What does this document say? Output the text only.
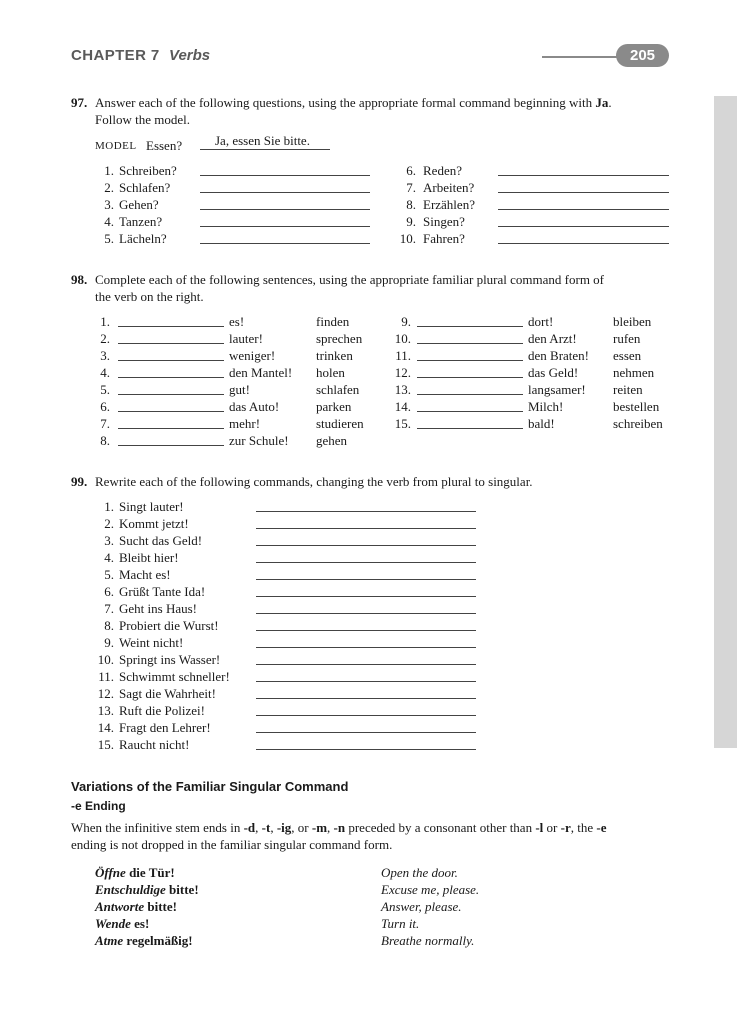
CHAPTER 7 Verbs	205
97. Answer each of the following questions, using the appropriate formal command beginning with Ja.
Follow the model.
MODEL Essen?	Ja, essen Sie bitte.
1. Schreiben?
2. Schlafen?
3. Gehen?
4. Tanzen?
5. Lächeln?
6. Reden?
7. Arbeiten?
8. Erzählen?
9. Singen?
10. Fahren?
98. Complete each of the following sentences, using the appropriate familiar plural command form of
the verb on the right.
1.	es!	finden
2.	lauter!	sprechen
3.	weniger!	trinken
4.	den Mantel! holen
5.	gut!	schlafen
6.	das Auto!	parken
7.	mehr!	studieren
8.	zur Schule! gehen
9.	dort!	bleiben
10.	den Arzt!	rufen
11.	den Braten! essen
12.	das Geld!	nehmen
13.	langsamer! reiten
14.	Milch!	bestellen
15.	bald!	schreiben
99. Rewrite each of the following commands, changing the verb from plural to singular.
1. Singt lauter!
2. Kommt jetzt!
3. Sucht das Geld!
4. Bleibt hier!
5. Macht es!
6. Grüßt Tante Ida!
7. Geht ins Haus!
8. Probiert die Wurst!
9. Weint nicht!
10. Springt ins Wasser!
11. Schwimmt schneller!
12. Sagt die Wahrheit!
13. Ruft die Polizei!
14. Fragt den Lehrer!
15. Raucht nicht!
Variations of the Familiar Singular Command
-e Ending
When the infinitive stem ends in -d, -t, -ig, or -m, -n preceded by a consonant other than -l or -r, the -e
ending is not dropped in the familiar singular command form.
Öffne die Tür!	Open the door.
Entschuldige bitte!	Excuse me, please.
Antworte bitte!	Answer, please.
Wende es!	Turn it.
Atme regelmäßig!	Breathe normally.
